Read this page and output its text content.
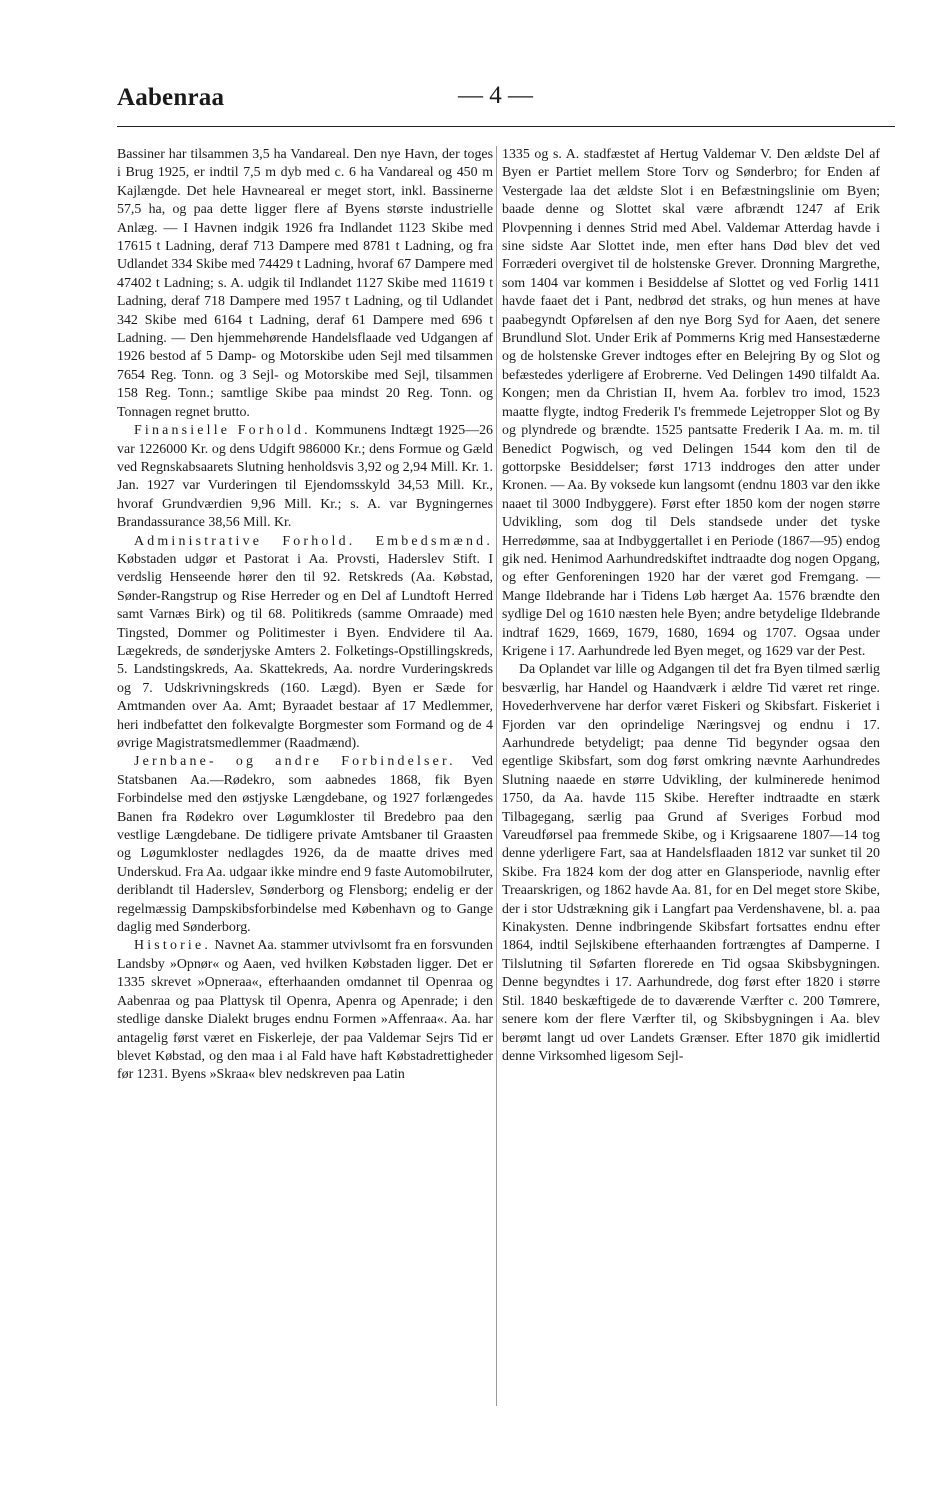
Aabenraa	— 4 —

Bassiner har tilsammen 3,5 ha Vandareal. Den nye Havn, der toges i Brug 1925, er indtil 7,5 m dyb med c. 6 ha Vandareal og 450 m Kajlængde. Det hele Havneareal er meget stort, inkl. Bassinerne 57,5 ha, og paa dette ligger flere af Byens største industrielle Anlæg. — I Havnen indgik 1926 fra Indlandet 1123 Skibe med 17615 t Ladning, deraf 713 Dampere med 8781 t Ladning, og fra Udlandet 334 Skibe med 74429 t Ladning, hvoraf 67 Dampere med 47402 t Ladning; s. A. udgik til Indlandet 1127 Skibe med 11619 t Ladning, deraf 718 Dampere med 1957 t Ladning, og til Udlandet 342 Skibe med 6164 t Ladning, deraf 61 Dampere med 696 t Ladning. — Den hjemmehørende Handelsflaade ved Udgangen af 1926 bestod af 5 Damp- og Motorskibe uden Sejl med tilsammen 7654 Reg. Tonn. og 3 Sejl- og Motorskibe med Sejl, tilsammen 158 Reg. Tonn.; samtlige Skibe paa mindst 20 Reg. Tonn. og Tonnagen regnet brutto.

Finansielle Forhold. Kommunens Indtægt 1925—26 var 1226000 Kr. og dens Udgift 986000 Kr.; dens Formue og Gæld ved Regnskabsaarets Slutning henholdsvis 3,92 og 2,94 Mill. Kr. 1. Jan. 1927 var Vurderingen til Ejendomsskyld 34,53 Mill. Kr., hvoraf Grundværdien 9,96 Mill. Kr.; s. A. var Bygningernes Brandassurance 38,56 Mill. Kr.

Administrative Forhold. Embedsmænd. Købstaden udgør et Pastorat i Aa. Provsti, Haderslev Stift. I verdslig Henseende hører den til 92. Retskreds (Aa. Købstad, Sønder-Rangstrup og Rise Herreder og en Del af Lundtoft Herred samt Varnæs Birk) og til 68. Politikreds (samme Omraade) med Tingsted, Dommer og Politimester i Byen. Endvidere til Aa. Lægekreds, de sønderjyske Amters 2. Folketings-Opstillingskreds, 5. Landstingskreds, Aa. Skattekreds, Aa. nordre Vurderingskreds og 7. Udskrivningskreds (160. Lægd). Byen er Sæde for Amtmanden over Aa. Amt; Byraadet bestaar af 17 Medlemmer, heri indbefattet den folkevalgte Borgmester som Formand og de 4 øvrige Magistratsmedlemmer (Raadmænd).

Jernbane- og andre Forbindelser. Ved Statsbanen Aa.—Rødekro, som aabnedes 1868, fik Byen Forbindelse med den østjyske Længdebane, og 1927 forlængedes Banen fra Rødekro over Løgumkloster til Bredebro paa den vestlige Længdebane. De tidligere private Amtsbaner til Graasten og Løgumkloster nedlagdes 1926, da de maatte drives med Underskud. Fra Aa. udgaar ikke mindre end 9 faste Automobilruter, deriblandt til Haderslev, Sønderborg og Flensborg; endelig er der regelmæssig Dampskibsforbindelse med København og to Gange daglig med Sønderborg.

Historie. Navnet Aa. stammer utvivlsomt fra en forsvunden Landsby »Opnør« og Aaen, ved hvilken Købstaden ligger. Det er 1335 skrevet »Opneraa«, efterhaanden omdannet til Openraa og Aabenraa og paa Plattysk til Openra, Apenra og Apenrade; i den stedlige danske Dialekt bruges endnu Formen »Affenraa«. Aa. har antagelig først været en Fiskerleje, der paa Valdemar Sejrs Tid er blevet Købstad, og den maa i al Fald have haft Købstadrettigheder før 1231. Byens »Skraa« blev nedskreven paa Latin

1335 og s. A. stadfæstet af Hertug Valdemar V. Den ældste Del af Byen er Partiet mellem Store Torv og Sønderbro; for Enden af Vestergade laa det ældste Slot i en Befæstningslinie om Byen; baade denne og Slottet skal være afbrændt 1247 af Erik Plovpenning i dennes Strid med Abel. Valdemar Atterdag havde i sine sidste Aar Slottet inde, men efter hans Død blev det ved Forræderi overgivet til de holstenske Grever. Dronning Margrethe, som 1404 var kommen i Besiddelse af Slottet og ved Forlig 1411 havde faaet det i Pant, nedbrød det straks, og hun menes at have paabegyndt Opførelsen af den nye Borg Syd for Aaen, det senere Brundlund Slot. Under Erik af Pommerns Krig med Hansestæderne og de holstenske Grever indtoges efter en Belejring By og Slot og befæstedes yderligere af Erobrerne. Ved Delingen 1490 tilfaldt Aa. Kongen; men da Christian II, hvem Aa. forblev tro imod, 1523 maatte flygte, indtog Frederik I's fremmede Lejetropper Slot og By og plyndrede og brændte. 1525 pantsatte Frederik I Aa. m. m. til Benedict Pogwisch, og ved Delingen 1544 kom den til de gottorpske Besiddelser; først 1713 inddroges den atter under Kronen. — Aa. By voksede kun langsomt (endnu 1803 var den ikke naaet til 3000 Indbyggere). Først efter 1850 kom der nogen større Udvikling, som dog til Dels standsede under det tyske Herredømme, saa at Indbyggertallet i en Periode (1867—95) endog gik ned. Henimod Aarhundredskiftet indtraadte dog nogen Opgang, og efter Genforeningen 1920 har der været god Fremgang. — Mange Ildebrande har i Tidens Løb hærget Aa. 1576 brændte den sydlige Del og 1610 næsten hele Byen; andre betydelige Ildebrande indtraf 1629, 1669, 1679, 1680, 1694 og 1707. Ogsaa under Krigene i 17. Aarhundrede led Byen meget, og 1629 var der Pest.

Da Oplandet var lille og Adgangen til det fra Byen tilmed særlig besværlig, har Handel og Haandværk i ældre Tid været ret ringe. Hovederhvervene har derfor været Fiskeri og Skibsfart. Fiskeriet i Fjorden var den oprindelige Næringsvej og endnu i 17. Aarhundrede betydeligt; paa denne Tid begynder ogsaa den egentlige Skibsfart, som dog først omkring nævnte Aarhundredes Slutning naaede en større Udvikling, der kulminerede henimod 1750, da Aa. havde 115 Skibe. Herefter indtraadte en stærk Tilbagegang, særlig paa Grund af Sveriges Forbud mod Vareudførsel paa fremmede Skibe, og i Krigsaarene 1807—14 tog denne yderligere Fart, saa at Handelsflaaden 1812 var sunket til 20 Skibe. Fra 1824 kom der dog atter en Glansperiode, navnlig efter Treaarskrigen, og 1862 havde Aa. 81, for en Del meget store Skibe, der i stor Udstrækning gik i Langfart paa Verdenshavene, bl. a. paa Kinakysten. Denne indbringende Skibsfart fortsattes endnu efter 1864, indtil Sejlskibene efterhaanden fortrængtes af Damperne. I Tilslutning til Søfarten florerede en Tid ogsaa Skibsbygningen. Denne begyndtes i 17. Aarhundrede, dog først efter 1820 i større Stil. 1840 beskæftigede de to daværende Værfter c. 200 Tømrere, senere kom der flere Værfter til, og Skibsbygningen i Aa. blev berømt langt ud over Landets Grænser. Efter 1870 gik imidlertid denne Virksomhed ligesom Sejl-
